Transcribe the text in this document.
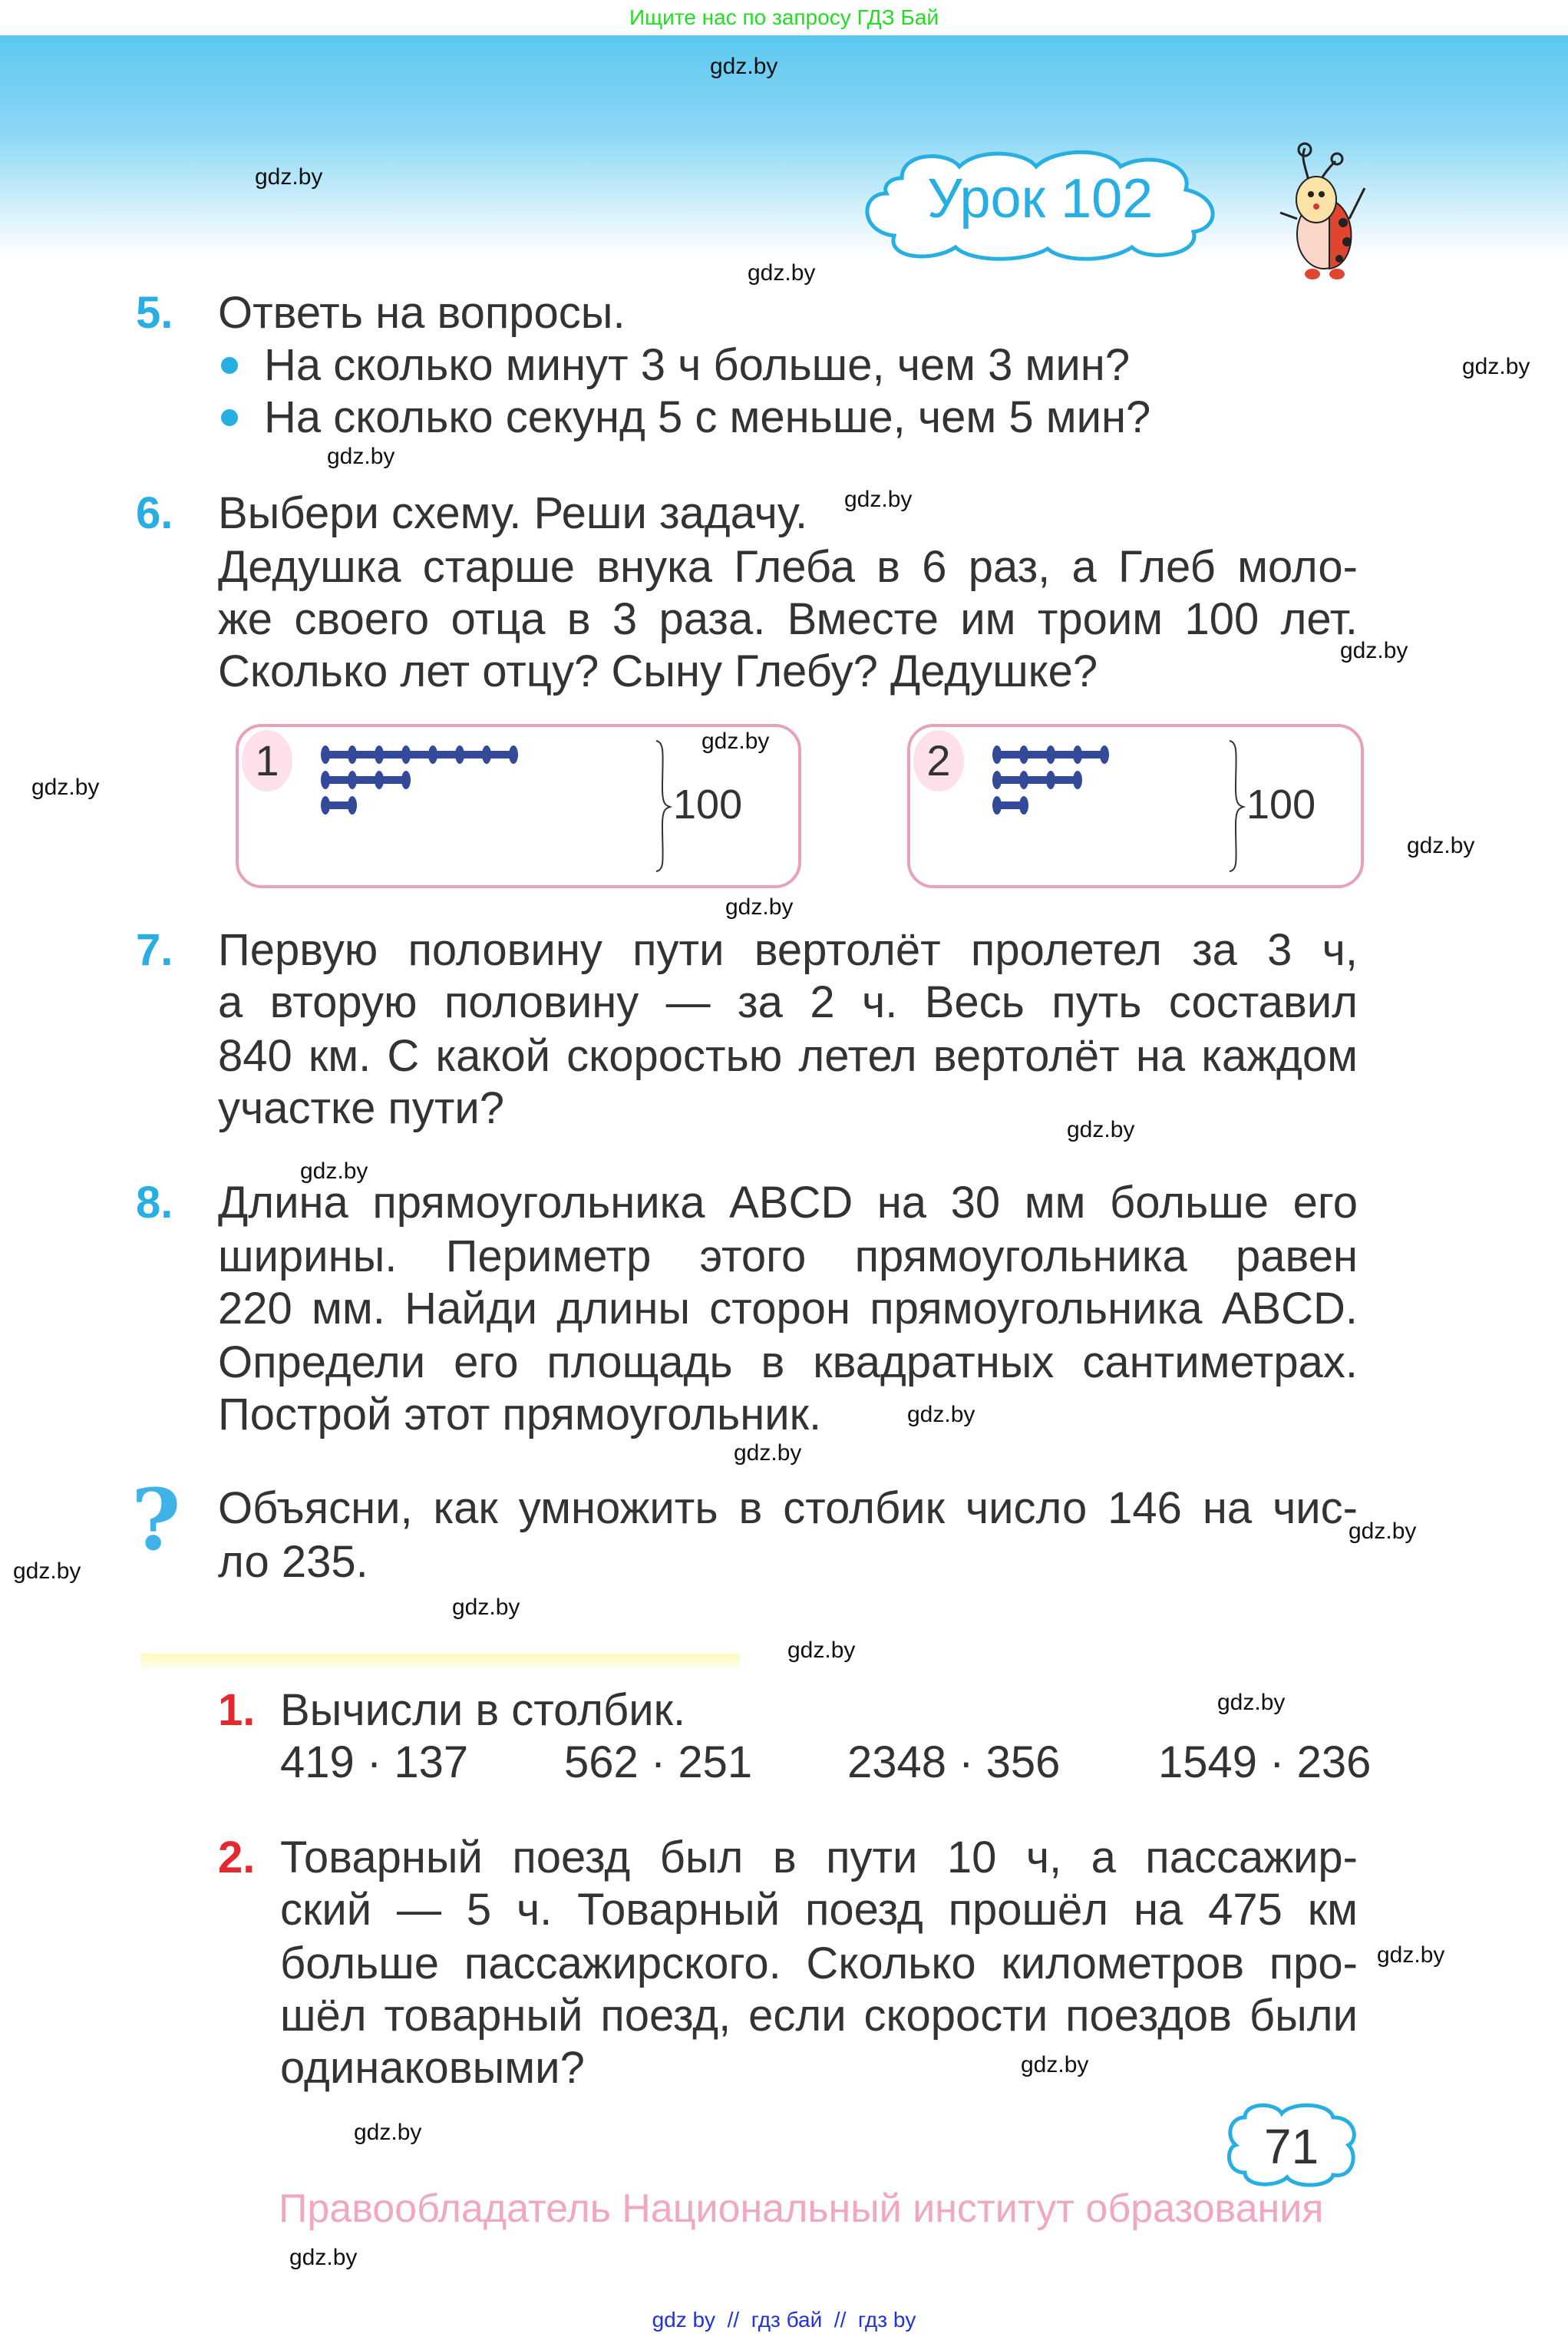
Ищите нас по запросу ГДЗ Бай
Урок 102
5. Ответь на вопросы.
На сколько минут 3 ч больше, чем 3 мин?
На сколько секунд 5 с меньше, чем 5 мин?
6. Выбери схему. Реши задачу.
Дедушка старше внука Глеба в 6 раз, а Глеб моло-
же своего отца в 3 раза. Вместе им троим 100 лет.
Сколько лет отцу? Сыну Глебу? Дедушке?
1
100
2
100
7. Первую половину пути вертолёт пролетел за 3 ч,
а вторую половину — за 2 ч. Весь путь составил
840 км. С какой скоростью летел вертолёт на каждом
участке пути?
8. Длина прямоугольника ABCD на 30 мм больше его
ширины. Периметр этого прямоугольника равен
220 мм. Найди длины сторон прямоугольника ABCD.
Определи его площадь в квадратных сантиметрах.
Построй этот прямоугольник.
? Объясни, как умножить в столбик число 146 на чис-
ло 235.
1. Вычисли в столбик.
419 · 137 562 · 251 2348 · 356 1549 · 236
2. Товарный поезд был в пути 10 ч, а пассажир-
ский — 5 ч. Товарный поезд прошёл на 475 км
больше пассажирского. Сколько километров про-
шёл товарный поезд, если скорости поездов были
одинаковыми?
gdz.by
gdz.by
gdz.by
gdz.by
gdz.by
gdz.by
gdz.by
gdz.by
gdz.by
gdz.by
gdz.by
gdz.by
gdz.by
gdz.by
gdz.by
gdz.by
gdz.by
gdz.by
gdz.by
gdz.by
gdz.by
gdz.by
gdz.by
gdz.by
71
Правообладатель Национальный институт образования
gdz by  //  гдз бай  //  гдз by
